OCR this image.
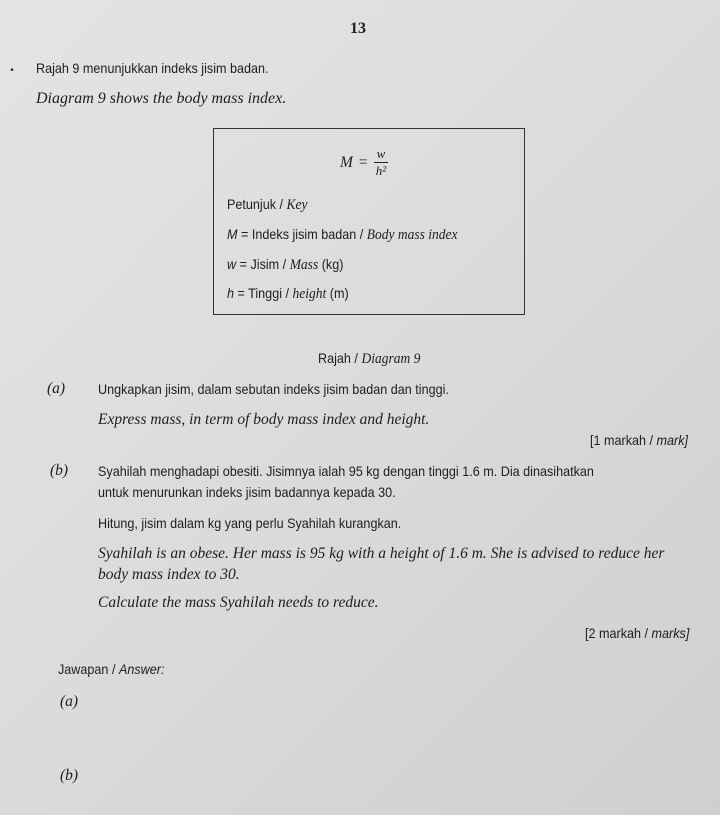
13
. Rajah 9 menunjukkan indeks jisim badan.
Diagram 9 shows the body mass index.
$M = \frac{w}{\text{h²}}$
Petunjuk / Key
M = Indeks jisim badan / Body mass index
w = Jisim / Mass (kg)
h = Tinggi / height (m)
Rajah / Diagram 9
(a) Ungkapkan jisim, dalam sebutan indeks jisim badan dan tinggi.
Express mass, in term of body mass index and height.
[1 markah / mark]
(b) Syahilah menghadapi obesiti. Jisimnya ialah 95 kg dengan tinggi 1.6 m. Dia dinasihatkan
untuk menurunkan indeks jisim badannya kepada 30.
Hitung, jisim dalam kg yang perlu Syahilah kurangkan.
Syahilah is an obese. Her mass is 95 kg with a height of 1.6 m. She is advised to reduce her
body mass index to 30.
Calculate the mass Syahilah needs to reduce.
[2 markah / marks]
Jawapan / Answer:
(a)
(b)
